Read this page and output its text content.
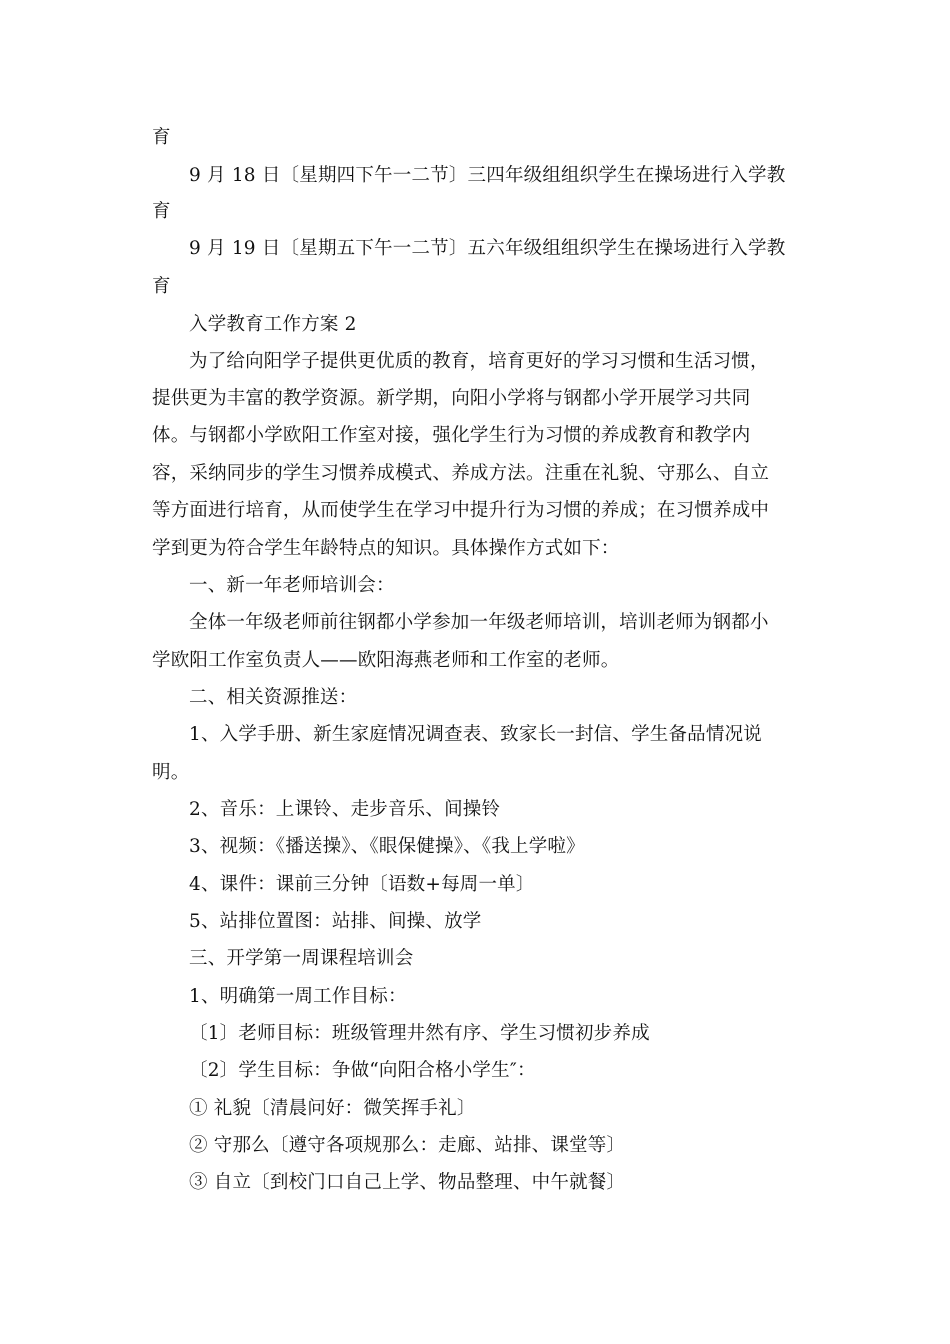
育
9 月 18 日〔星期四下午一二节〕三四年级组组织学生在操场进行入学教
育
9 月 19 日〔星期五下午一二节〕五六年级组组织学生在操场进行入学教
育
入学教育工作方案 2
为了给向阳学子提供更优质的教育，培育更好的学习习惯和生活习惯，
提供更为丰富的教学资源。新学期，向阳小学将与钢都小学开展学习共同
体。与钢都小学欧阳工作室对接，强化学生行为习惯的养成教育和教学内
容，采纳同步的学生习惯养成模式、养成方法。注重在礼貌、守那么、自立
等方面进行培育，从而使学生在学习中提升行为习惯的养成；在习惯养成中
学到更为符合学生年龄特点的知识。具体操作方式如下：
一、新一年老师培训会：
全体一年级老师前往钢都小学参加一年级老师培训，培训老师为钢都小
学欧阳工作室负责人——欧阳海燕老师和工作室的老师。
二、相关资源推送：
1、入学手册、新生家庭情况调查表、致家长一封信、学生备品情况说
明。
2、音乐：上课铃、走步音乐、间操铃
3、视频：《播送操》、《眼保健操》、《我上学啦》
4、课件：课前三分钟〔语数+每周一单〕
5、站排位置图：站排、间操、放学
三、开学第一周课程培训会
1、明确第一周工作目标：
〔1〕老师目标：班级管理井然有序、学生习惯初步养成
〔2〕学生目标：争做“向阳合格小学生″：
① 礼貌〔清晨问好：微笑挥手礼〕
② 守那么〔遵守各项规那么：走廊、站排、课堂等〕
③ 自立〔到校门口自己上学、物品整理、中午就餐〕
